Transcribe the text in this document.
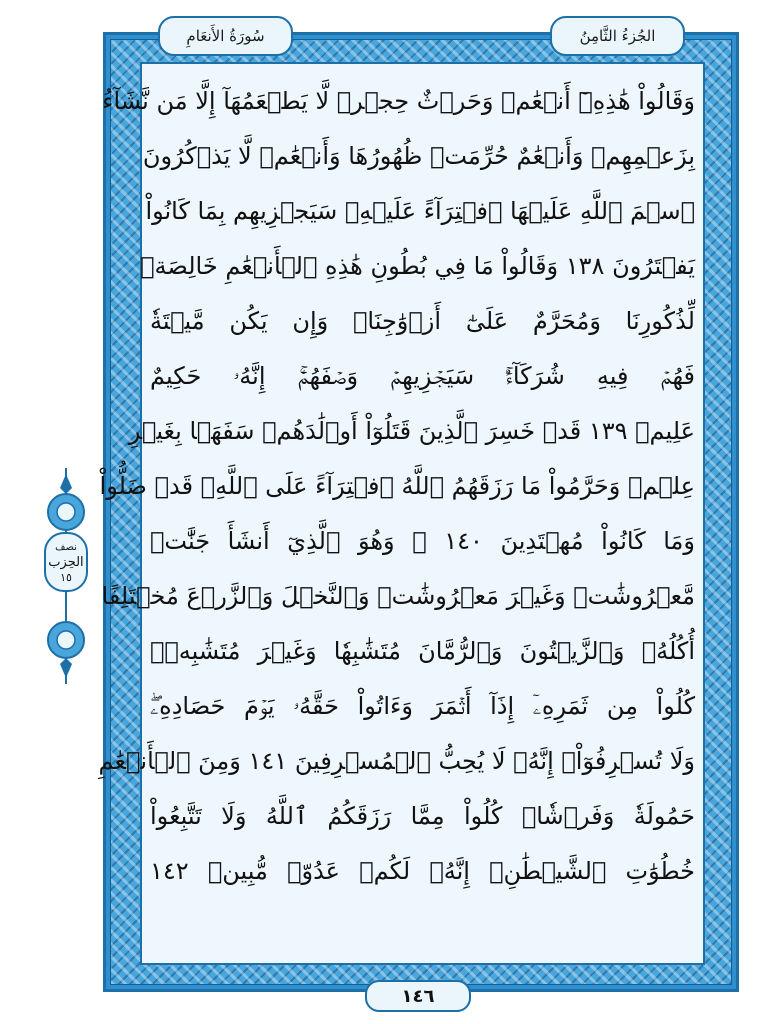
سُورَةُ الأَنعَامِ	الجُزءُ الثَّامِنُ
وَقَالُواْ هَٰذِهِۦٓ أَنۡعَٰمٞ وَحَرۡثٌ حِجۡرٞ لَّا يَطۡعَمُهَآ إِلَّا مَن نَّشَآءُ
بِزَعۡمِهِمۡ وَأَنۡعَٰمٌ حُرِّمَتۡ ظُهُورُهَا وَأَنۡعَٰمٞ لَّا يَذۡكُرُونَ
ٱسۡمَ ٱللَّهِ عَلَيۡهَا ٱفۡتِرَآءً عَلَيۡهِۚ سَيَجۡزِيهِم بِمَا كَانُواْ
يَفۡتَرُونَ ١٣٨ وَقَالُواْ مَا فِي بُطُونِ هَٰذِهِ ٱلۡأَنۡعَٰمِ خَالِصَةٞ
لِّذُكُورِنَا وَمُحَرَّمٌ عَلَىٰٓ أَزۡوَٰجِنَاۖ وَإِن يَكُن مَّيۡتَةٗ
فَهُمۡ فِيهِ شُرَكَآءُۚ سَيَجۡزِيهِمۡ وَصۡفَهُمۡۚ إِنَّهُۥ حَكِيمٌ
عَلِيمٞ ١٣٩ قَدۡ خَسِرَ ٱلَّذِينَ قَتَلُوٓاْ أَوۡلَٰدَهُمۡ سَفَهَۢا بِغَيۡرِ
عِلۡمٖ وَحَرَّمُواْ مَا رَزَقَهُمُ ٱللَّهُ ٱفۡتِرَآءً عَلَى ٱللَّهِۚ قَدۡ ضَلُّواْ
وَمَا كَانُواْ مُهۡتَدِينَ ١٤٠ ۞ وَهُوَ ٱلَّذِيٓ أَنشَأَ جَنَّٰتٖ
مَّعۡرُوشَٰتٖ وَغَيۡرَ مَعۡرُوشَٰتٖ وَٱلنَّخۡلَ وَٱلزَّرۡعَ مُخۡتَلِفًا
أُكُلُهُۥ وَٱلزَّيۡتُونَ وَٱلرُّمَّانَ مُتَشَٰبِهٗا وَغَيۡرَ مُتَشَٰبِهٖۚ
كُلُواْ مِن ثَمَرِهِۦٓ إِذَآ أَثۡمَرَ وَءَاتُواْ حَقَّهُۥ يَوۡمَ حَصَادِهِۦۖ
وَلَا تُسۡرِفُوٓاْۚ إِنَّهُۥ لَا يُحِبُّ ٱلۡمُسۡرِفِينَ ١٤١ وَمِنَ ٱلۡأَنۡعَٰمِ
حَمُولَةٗ وَفَرۡشٗاۚ كُلُواْ مِمَّا رَزَقَكُمُ ٱللَّهُ وَلَا تَتَّبِعُواْ
خُطُوَٰتِ ٱلشَّيۡطَٰنِۚ إِنَّهُۥ لَكُمۡ عَدُوّٞ مُّبِينٞ ١٤٢
نصف
الحِزب
١٥
١٤٦
